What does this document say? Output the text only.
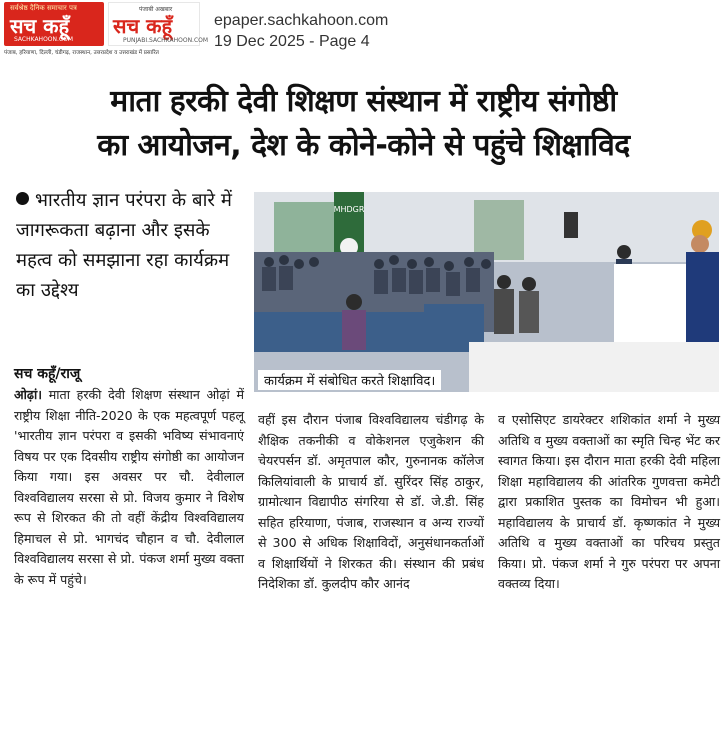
सर्वश्रेष्ठ दैनिक समाचार पत्र
सच कहूँ
SACHKAHOON.COM
पंजाबी अखबार
सच कहूँ
PUNJABI.SACHKAHOON.COM
पंजाब, हरियाणा, दिल्ली, चंडीगढ़, राजस्थान, उत्तरप्रदेश व उत्तराखंड में प्रसारित
epaper.sachkahoon.com
19 Dec 2025 - Page 4
माता हरकी देवी शिक्षण संस्थान में राष्ट्रीय संगोष्ठी
का आयोजन, देश के कोने-कोने से पहुंचे शिक्षाविद
भारतीय ज्ञान परंपरा के बारे में जागरूकता बढ़ाना और इसके महत्व को समझाना रहा कार्यक्रम का उद्देश्य
सच कहूँ/राजू
MHDGR
कार्यक्रम में संबोधित करते शिक्षाविद।
ओढ़ां। माता हरकी देवी शिक्षण संस्थान ओढ़ां में राष्ट्रीय शिक्षा नीति-2020 के एक महत्वपूर्ण पहलू 'भारतीय ज्ञान परंपरा व इसकी भविष्य संभावनाएं विषय पर एक दिवसीय राष्ट्रीय संगोष्ठी का आयोजन किया गया। इस अवसर पर चौ. देवीलाल विश्वविद्यालय सरसा से प्रो. विजय कुमार ने विशेष रूप से शिरकत की तो वहीं केंद्रीय विश्वविद्यालय हिमाचल से प्रो. भागचंद चौहान व चौ. देवीलाल विश्वविद्यालय सरसा से प्रो. पंकज शर्मा मुख्य वक्ता के रूप में पहुंचे।
वहीं इस दौरान पंजाब विश्वविद्यालय चंडीगढ़ के शैक्षिक तकनीकी व वोकेशनल एजुकेशन की चेयरपर्सन डॉ. अमृतपाल कौर, गुरुनानक कॉलेज किलियांवाली के प्राचार्य डॉ. सुरिंदर सिंह ठाकुर, ग्रामोत्थान विद्यापीठ संगरिया से डॉ. जे.डी. सिंह सहित हरियाणा, पंजाब, राजस्थान व अन्य राज्यों से 300 से अधिक शिक्षाविदों, अनुसंधानकर्ताओं व शिक्षार्थियों ने शिरकत की। संस्थान की प्रबंध निदेशिका डॉ. कुलदीप कौर आनंद
व एसोसिएट डायरेक्टर शशिकांत शर्मा ने मुख्य अतिथि व मुख्य वक्ताओं का स्मृति चिन्ह भेंट कर स्वागत किया। इस दौरान माता हरकी देवी महिला शिक्षा महाविद्यालय की आंतरिक गुणवत्ता कमेटी द्वारा प्रकाशित पुस्तक का विमोचन भी हुआ। महाविद्यालय के प्राचार्य डॉ. कृष्णकांत ने मुख्य अतिथि व मुख्य वक्ताओं का परिचय प्रस्तुत किया। प्रो. पंकज शर्मा ने गुरु परंपरा पर अपना वक्तव्य दिया।
